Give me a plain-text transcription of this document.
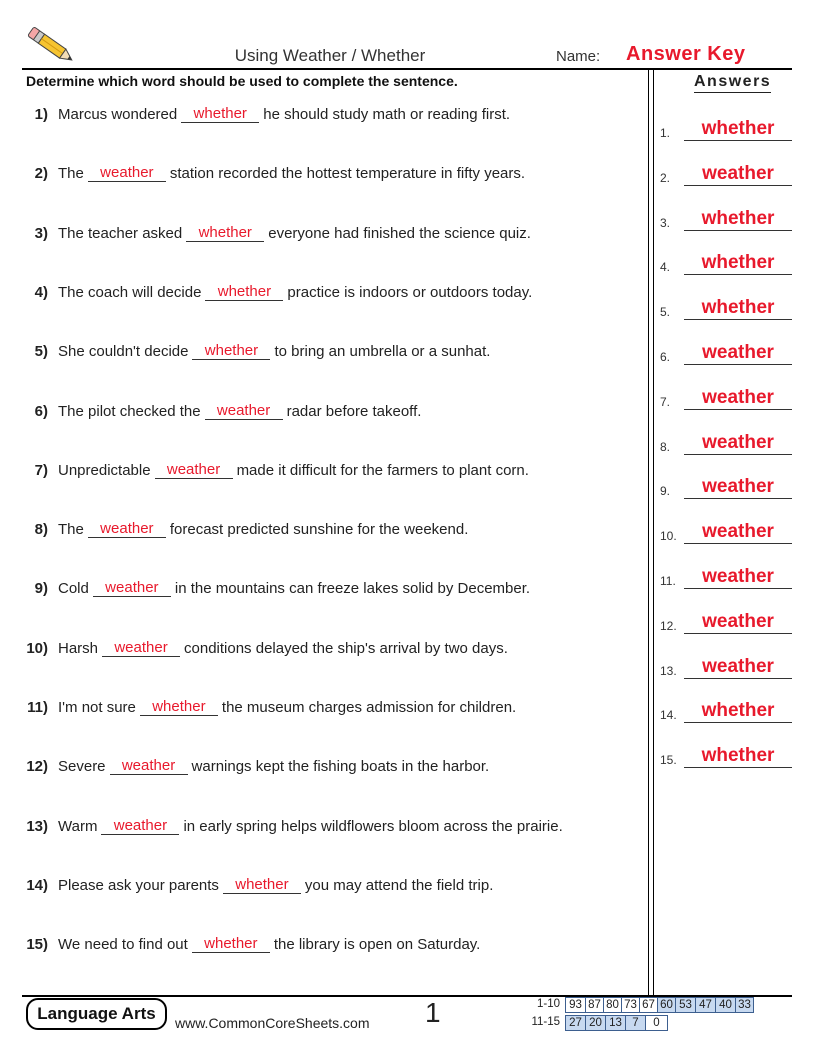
Using Weather / Whether	Name: Answer Key
Determine which word should be used to complete the sentence.	Answers
1) Marcus wondered	whether	he should study math or reading first.
2) The	weather	station recorded the hottest temperature in fifty years.
3) The teacher asked	whether	everyone had finished the science quiz.
4) The coach will decide	whether	practice is indoors or outdoors today.
5) She couldn't decide	whether	to bring an umbrella or a sunhat.
6) The pilot checked the	weather	radar before takeoff.
7) Unpredictable	weather	made it difficult for the farmers to plant corn.
8) The	weather	forecast predicted sunshine for the weekend.
9) Cold	weather	in the mountains can freeze lakes solid by December.
10) Harsh	weather	conditions delayed the ship's arrival by two days.
11) I'm not sure	whether	the museum charges admission for children.
12) Severe	weather	warnings kept the fishing boats in the harbor.
13) Warm	weather	in early spring helps wildflowers bloom across the prairie.
14) Please ask your parents	whether	you may attend the field trip.
15) We need to find out	whether	the library is open on Saturday.
1.	whether
2.	weather
3.	whether
4.	whether
5.	whether
6.	weather
7.	weather
8.	weather
9.	weather
10.	weather
11.	weather
12.	weather
13.	weather
14.	whether
15.	whether
Language Arts	www.CommonCoreSheets.com 1	1-10 93 87 80 73 67 60 53 47 40 33
11-15 27 20 13 7	0
